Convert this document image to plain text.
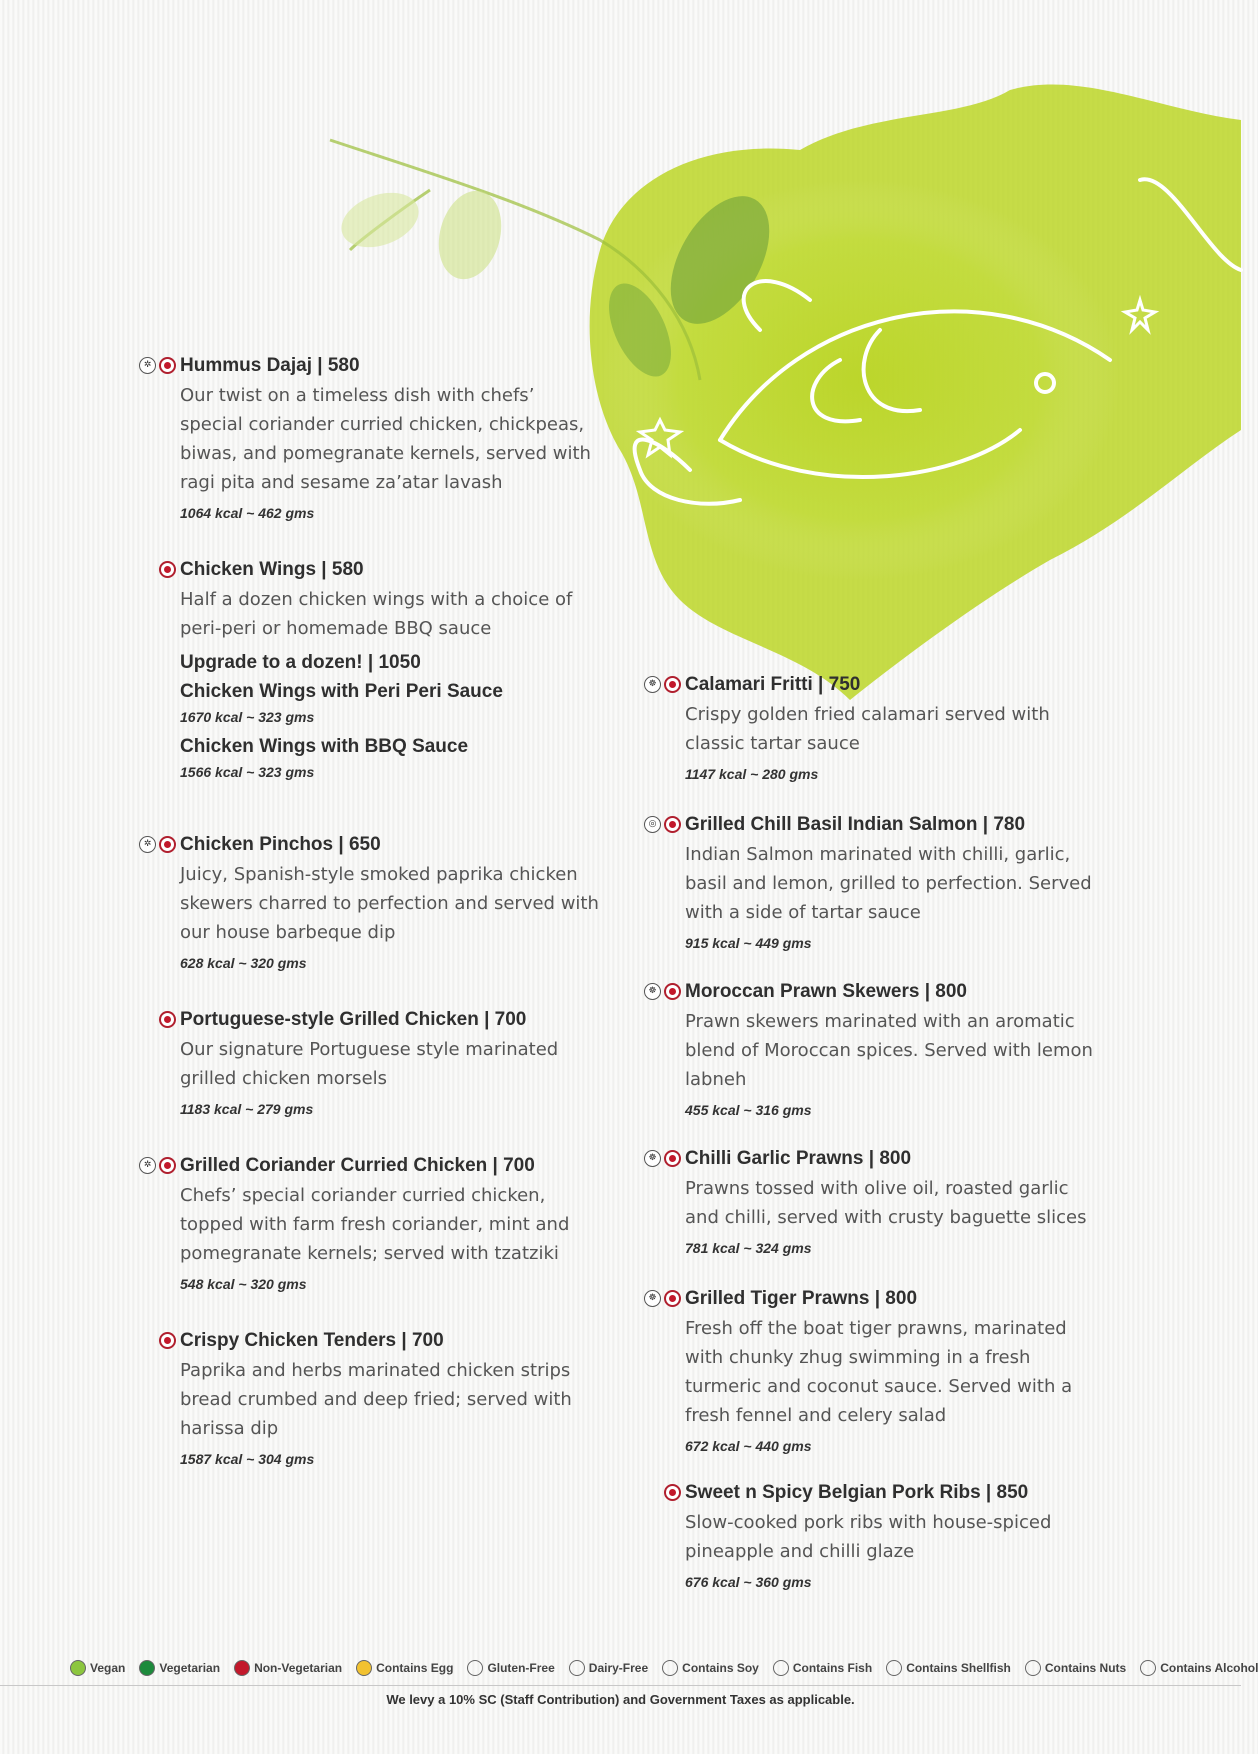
✲ Hummus Dajaj | 580

Our twist on a timeless dish with chefs’ special coriander curried chicken, chickpeas, biwas, and pomegranate kernels, served with ragi pita and sesame za’atar lavash

1064 kcal ~ 462 gms

Chicken Wings | 580

Half a dozen chicken wings with a choice of peri-peri or homemade BBQ sauce

Upgrade to a dozen! | 1050

Chicken Wings with Peri Peri Sauce

1670 kcal ~ 323 gms

Chicken Wings with BBQ Sauce

1566 kcal ~ 323 gms

✲ Chicken Pinchos | 650

Juicy, Spanish-style smoked paprika chicken skewers charred to perfection and served with our house barbeque dip

628 kcal ~ 320 gms

Portuguese-style Grilled Chicken | 700

Our signature Portuguese style marinated grilled chicken morsels

1183 kcal ~ 279 gms

✲ Grilled Coriander Curried Chicken | 700

Chefs’ special coriander curried chicken, topped with farm fresh coriander, mint and pomegranate kernels; served with tzatziki

548 kcal ~ 320 gms

Crispy Chicken Tenders | 700

Paprika and herbs marinated chicken strips bread crumbed and deep fried; served with harissa dip

1587 kcal ~ 304 gms

☸ Calamari Fritti | 750

Crispy golden fried calamari served with classic tartar sauce

1147 kcal ~ 280 gms

◎ Grilled Chill Basil Indian Salmon | 780

Indian Salmon marinated with chilli, garlic, basil and lemon, grilled to perfection. Served with a side of tartar sauce

915 kcal ~ 449 gms

☸ Moroccan Prawn Skewers | 800

Prawn skewers marinated with an aromatic blend of Moroccan spices. Served with lemon labneh

455 kcal ~ 316 gms

☸ Chilli Garlic Prawns | 800

Prawns tossed with olive oil, roasted garlic and chilli, served with crusty baguette slices

781 kcal ~ 324 gms

☸ Grilled Tiger Prawns | 800

Fresh off the boat tiger prawns, marinated with chunky zhug swimming in a fresh turmeric and coconut sauce. Served with a fresh fennel and celery salad

672 kcal ~ 440 gms

Sweet n Spicy Belgian Pork Ribs | 850

Slow-cooked pork ribs with house-spiced pineapple and chilli glaze

676 kcal ~ 360 gms

Vegan	Vegetarian	Non-Vegetarian	Contains Egg	Gluten-Free	Dairy-Free	Contains Soy	Contains Fish	Contains Shellfish	Contains Nuts	Contains Alcohol
We levy a 10% SC (Staff Contribution) and Government Taxes as applicable.
